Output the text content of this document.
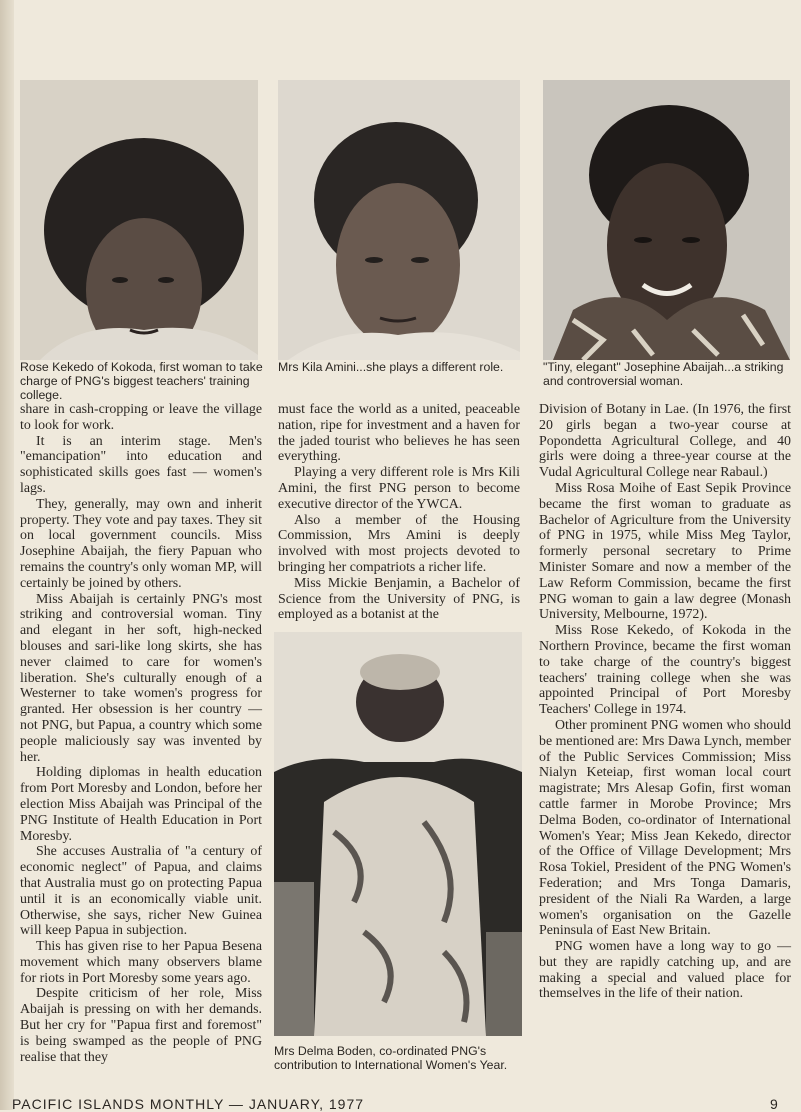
Rose Kekedo of Kokoda, first woman to take charge of PNG's biggest teachers' training college.

Mrs Kila Amini...she plays a different role.	"Tiny, elegant" Josephine Abaijah...a striking and controversial woman.

Mrs Delma Boden, co-ordinated PNG's contribution to International Women's Year.

share in cash-cropping or leave the village to look for work.

It is an interim stage. Men's "emancipation" into education and sophisticated skills goes fast — women's lags.

They, generally, may own and inherit property. They vote and pay taxes. They sit on local government councils. Miss Josephine Abaijah, the fiery Papuan who remains the country's only woman MP, will certainly be joined by others.

Miss Abaijah is certainly PNG's most striking and controversial woman. Tiny and elegant in her soft, high-necked blouses and sari-like long skirts, she has never claimed to care for women's liberation. She's culturally enough of a Westerner to take women's progress for granted. Her obsession is her country — not PNG, but Papua, a country which some people maliciously say was invented by her.

Holding diplomas in health education from Port Moresby and London, before her election Miss Abaijah was Principal of the PNG Institute of Health Education in Port Moresby.

She accuses Australia of "a century of economic neglect" of Papua, and claims that Australia must go on protecting Papua until it is an economically viable unit. Otherwise, she says, richer New Guinea will keep Papua in subjection.

This has given rise to her Papua Besena movement which many observers blame for riots in Port Moresby some years ago.

Despite criticism of her role, Miss Abaijah is pressing on with her demands. But her cry for "Papua first and foremost" is being swamped as the people of PNG realise that they

must face the world as a united, peaceable nation, ripe for investment and a haven for the jaded tourist who believes he has seen everything.

Playing a very different role is Mrs Kili Amini, the first PNG person to become executive director of the YWCA.

Also a member of the Housing Commission, Mrs Amini is deeply involved with most projects devoted to bringing her compatriots a richer life.

Miss Mickie Benjamin, a Bachelor of Science from the University of PNG, is employed as a botanist at the

Division of Botany in Lae. (In 1976, the first 20 girls began a two-year course at Popondetta Agricultural College, and 40 girls were doing a three-year course at the Vudal Agricultural College near Rabaul.)

Miss Rosa Moihe of East Sepik Province became the first woman to graduate as Bachelor of Agriculture from the University of PNG in 1975, while Miss Meg Taylor, formerly personal secretary to Prime Minister Somare and now a member of the Law Reform Commission, became the first PNG woman to gain a law degree (Monash University, Melbourne, 1972).

Miss Rose Kekedo, of Kokoda in the Northern Province, became the first woman to take charge of the country's biggest teachers' training college when she was appointed Principal of Port Moresby Teachers' College in 1974.

Other prominent PNG women who should be mentioned are: Mrs Dawa Lynch, member of the Public Services Commission; Miss Nialyn Keteiap, first woman local court magistrate; Mrs Alesap Gofin, first woman cattle farmer in Morobe Province; Mrs Delma Boden, co-ordinator of International Women's Year; Miss Jean Kekedo, director of the Office of Village Development; Mrs Rosa Tokiel, President of the PNG Women's Federation; and Mrs Tonga Damaris, president of the Niali Ra Warden, a large women's organisation on the Gazelle Peninsula of East New Britain.

PNG women have a long way to go — but they are rapidly catching up, and are making a special and valued place for themselves in the life of their nation.

PACIFIC ISLANDS MONTHLY — JANUARY, 1977	9
